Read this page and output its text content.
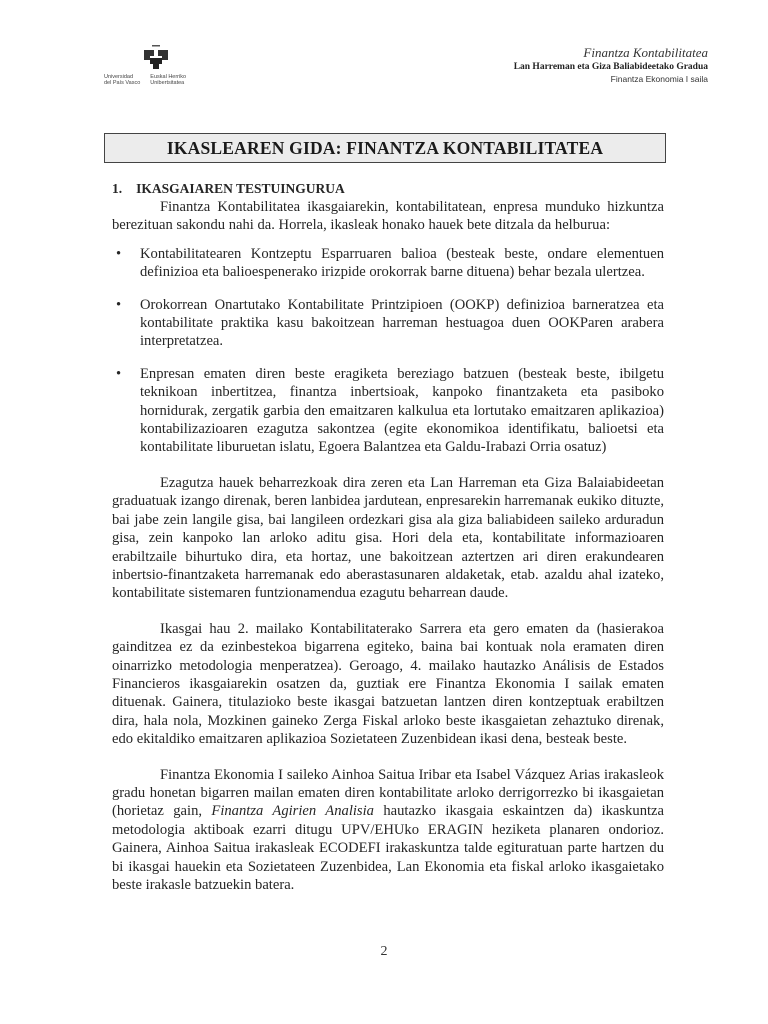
Universidad
del País Vasco
Euskal Herriko
Unibertsitatea
Finantza Kontabilitatea
Lan Harreman eta Giza Baliabideetako Gradua
Finantza Ekonomia I saila
IKASLEAREN GIDA: FINANTZA KONTABILITATEA
1. IKASGAIAREN TESTUINGURUA

Finantza Kontabilitatea ikasgaiarekin, kontabilitatean, enpresa munduko hizkuntza berezituan sakondu nahi da. Horrela, ikasleak honako hauek bete ditzala da helburua:

• Kontabilitatearen Kontzeptu Esparruaren balioa (besteak beste, ondare elementuen definizioa eta balioespenerako irizpide orokorrak barne dituena) behar bezala ulertzea.
• Orokorrean Onartutako Kontabilitate Printzipioen (OOKP) definizioa barneratzea eta kontabilitate praktika kasu bakoitzean harreman hestuagoa duen OOKParen arabera interpretatzea.
• Enpresan ematen diren beste eragiketa bereziago batzuen (besteak beste, ibilgetu teknikoan inbertitzea, finantza inbertsioak, kanpoko finantzaketa eta pasiboko hornidurak, zergatik garbia den emaitzaren kalkulua eta lortutako emaitzaren aplikazioa) kontabilizazioaren ezagutza sakontzea (egite ekonomikoa identifikatu, balioetsi eta kontabilitate liburuetan islatu, Egoera Balantzea eta Galdu-Irabazi Orria osatuz)

Ezagutza hauek beharrezkoak dira zeren eta Lan Harreman eta Giza Balaiabideetan graduatuak izango direnak, beren lanbidea jardutean, enpresarekin harremanak eukiko dituzte, bai jabe zein langile gisa, bai langileen ordezkari gisa ala giza baliabideen saileko arduradun gisa, zein kanpoko lan arloko aditu gisa. Hori dela eta, kontabilitate informazioaren erabiltzaile bihurtuko dira, eta hortaz, une bakoitzean aztertzen ari diren erakundearen inbertsio-finantzaketa harremanak edo aberastasunaren aldaketak, etab. azaldu ahal izateko, kontabilitate sistemaren funtzionamendua ezagutu beharrean daude.

Ikasgai hau 2. mailako Kontabilitaterako Sarrera eta gero ematen da (hasierakoa gainditzea ez da ezinbestekoa bigarrena egiteko, baina bai kontuak nola eramaten diren oinarrizko metodologia menperatzea). Geroago, 4. mailako hautazko Análisis de Estados Financieros ikasgaiarekin osatzen da, guztiak ere Finantza Ekonomia I sailak ematen dituenak. Gainera, titulazioko beste ikasgai batzuetan lantzen diren kontzeptuak erabiltzen dira, hala nola, Mozkinen gaineko Zerga Fiskal arloko beste ikasgaietan zehaztuko direnak, edo ekitaldiko emaitzaren aplikazioa Sozietateen Zuzenbidean ikasi dena, besteak beste.

Finantza Ekonomia I saileko Ainhoa Saitua Iribar eta Isabel Vázquez Arias irakasleok gradu honetan bigarren mailan ematen diren kontabilitate arloko derrigorrezko bi ikasgaietan (horietaz gain, Finantza Agirien Analisia hautazko ikasgaia eskaintzen da) ikaskuntza metodologia aktiboak ezarri ditugu UPV/EHUko ERAGIN heziketa planaren ondorioz. Gainera, Ainhoa Saitua irakasleak ECODEFI irakaskuntza talde egituratuan parte hartzen du bi ikasgai hauekin eta Sozietateen Zuzenbidea, Lan Ekonomia eta fiskal arloko ikasgaietako beste irakasle batzuekin batera.

2
